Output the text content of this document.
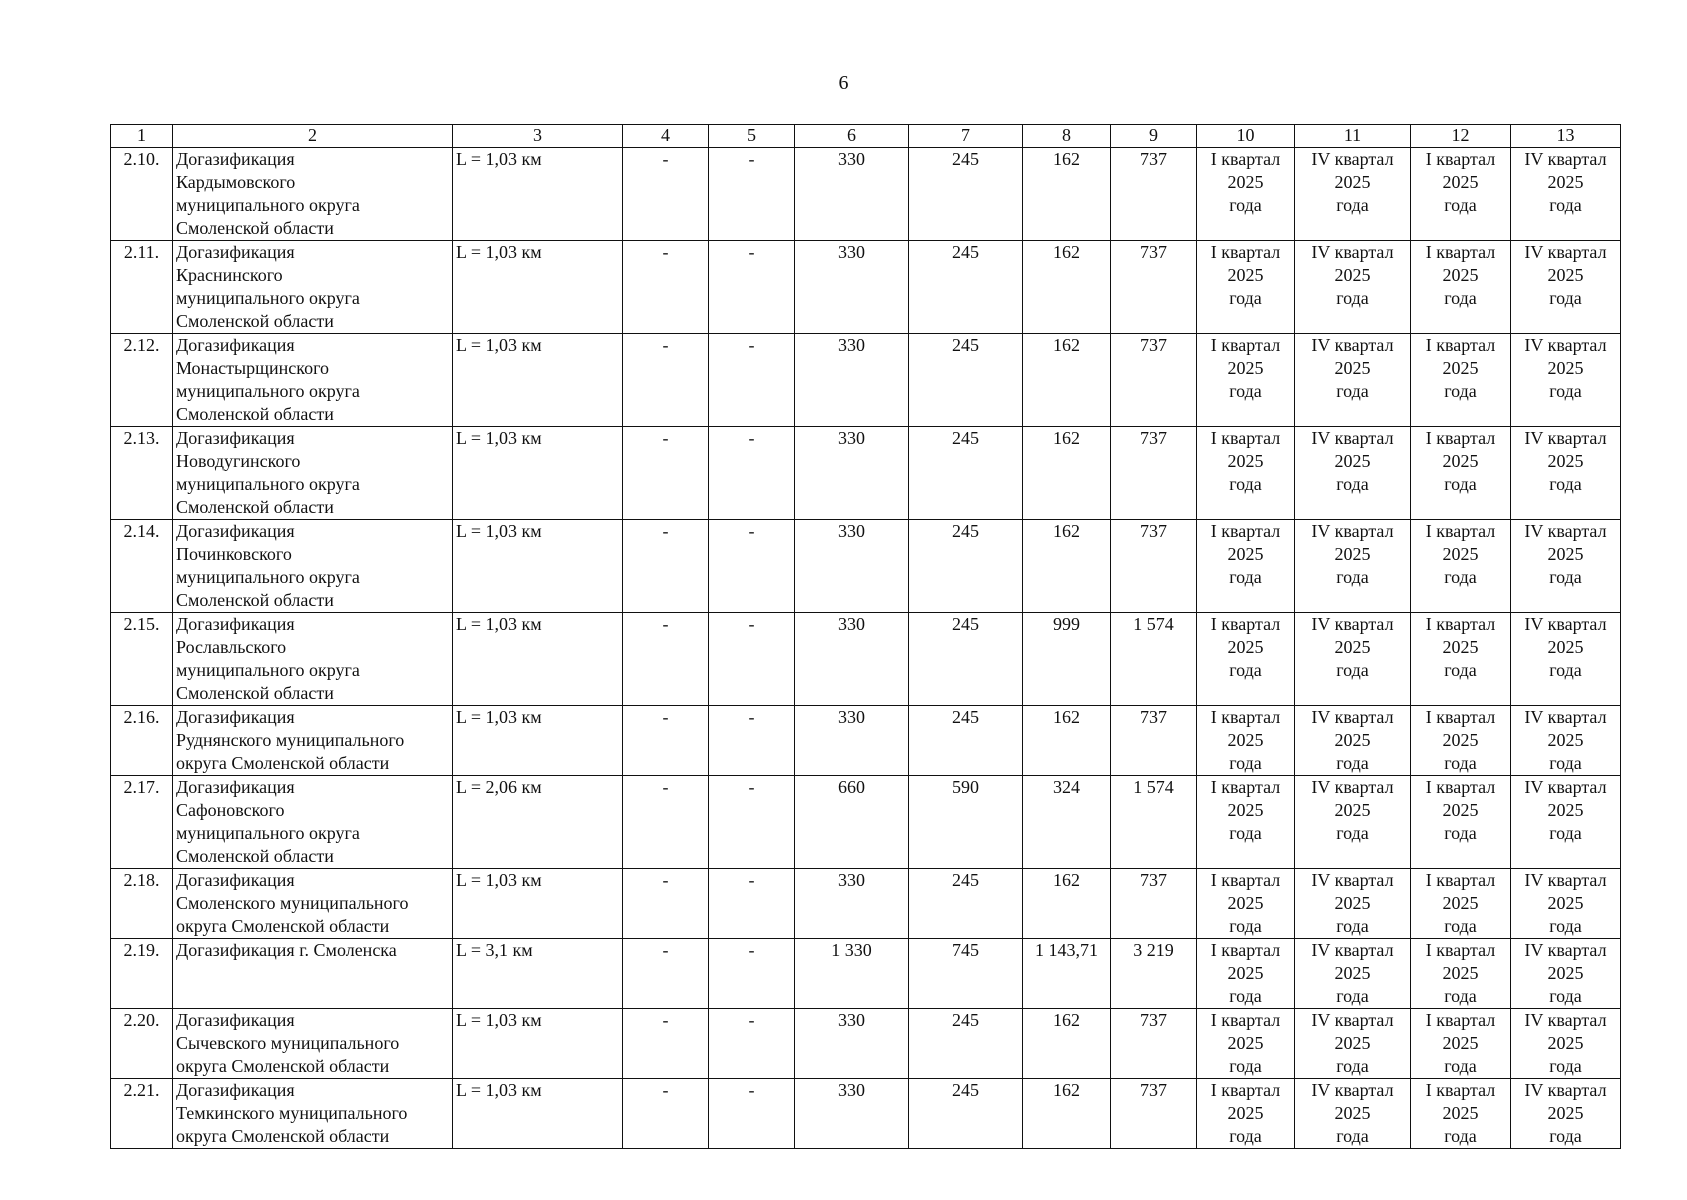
6
1	2	3	4	5	6	7	8	9	10	11	12	13
2.10.	Догазификация
Кардымовского
муниципального округа
Смоленской области	L = 1,03 км	-	-	330	245	162	737	I квартал
2025
года	IV квартал
2025
года	I квартал
2025
года	IV квартал
2025
года

2.11.	Догазификация
Краснинского
муниципального округа
Смоленской области	L = 1,03 км	-	-	330	245	162	737	I квартал
2025
года	IV квартал
2025
года	I квартал
2025
года	IV квартал
2025
года

2.12.	Догазификация
Монастырщинского
муниципального округа
Смоленской области	L = 1,03 км	-	-	330	245	162	737	I квартал
2025
года	IV квартал
2025
года	I квартал
2025
года	IV квартал
2025
года

2.13.	Догазификация
Новодугинского
муниципального округа
Смоленской области	L = 1,03 км	-	-	330	245	162	737	I квартал
2025
года	IV квартал
2025
года	I квартал
2025
года	IV квартал
2025
года

2.14.	Догазификация
Починковского
муниципального округа
Смоленской области	L = 1,03 км	-	-	330	245	162	737	I квартал
2025
года	IV квартал
2025
года	I квартал
2025
года	IV квартал
2025
года

2.15.	Догазификация
Рославльского
муниципального округа
Смоленской области	L = 1,03 км	-	-	330	245	999	1 574	I квартал
2025
года	IV квартал
2025
года	I квартал
2025
года	IV квартал
2025
года

2.16.	Догазификация
Руднянского муниципального
округа Смоленской области	L = 1,03 км	-	-	330	245	162	737	I квартал
2025
года	IV квартал
2025
года	I квартал
2025
года	IV квартал
2025
года

2.17.	Догазификация
Сафоновского
муниципального округа
Смоленской области	L = 2,06 км	-	-	660	590	324	1 574	I квартал
2025
года	IV квартал
2025
года	I квартал
2025
года	IV квартал
2025
года

2.18.	Догазификация
Смоленского муниципального
округа Смоленской области	L = 1,03 км	-	-	330	245	162	737	I квартал
2025
года	IV квартал
2025
года	I квартал
2025
года	IV квартал
2025
года

2.19.	Догазификация г. Смоленска	L = 3,1 км	-	-	1 330	745	1 143,71	3 219	I квартал
2025
года	IV квартал
2025
года	I квартал
2025
года	IV квартал
2025
года

2.20.	Догазификация
Сычевского муниципального
округа Смоленской области	L = 1,03 км	-	-	330	245	162	737	I квартал
2025
года	IV квартал
2025
года	I квартал
2025
года	IV квартал
2025
года

2.21.	Догазификация
Темкинского муниципального
округа Смоленской области	L = 1,03 км	-	-	330	245	162	737	I квартал
2025
года	IV квартал
2025
года	I квартал
2025
года	IV квартал
2025
года
